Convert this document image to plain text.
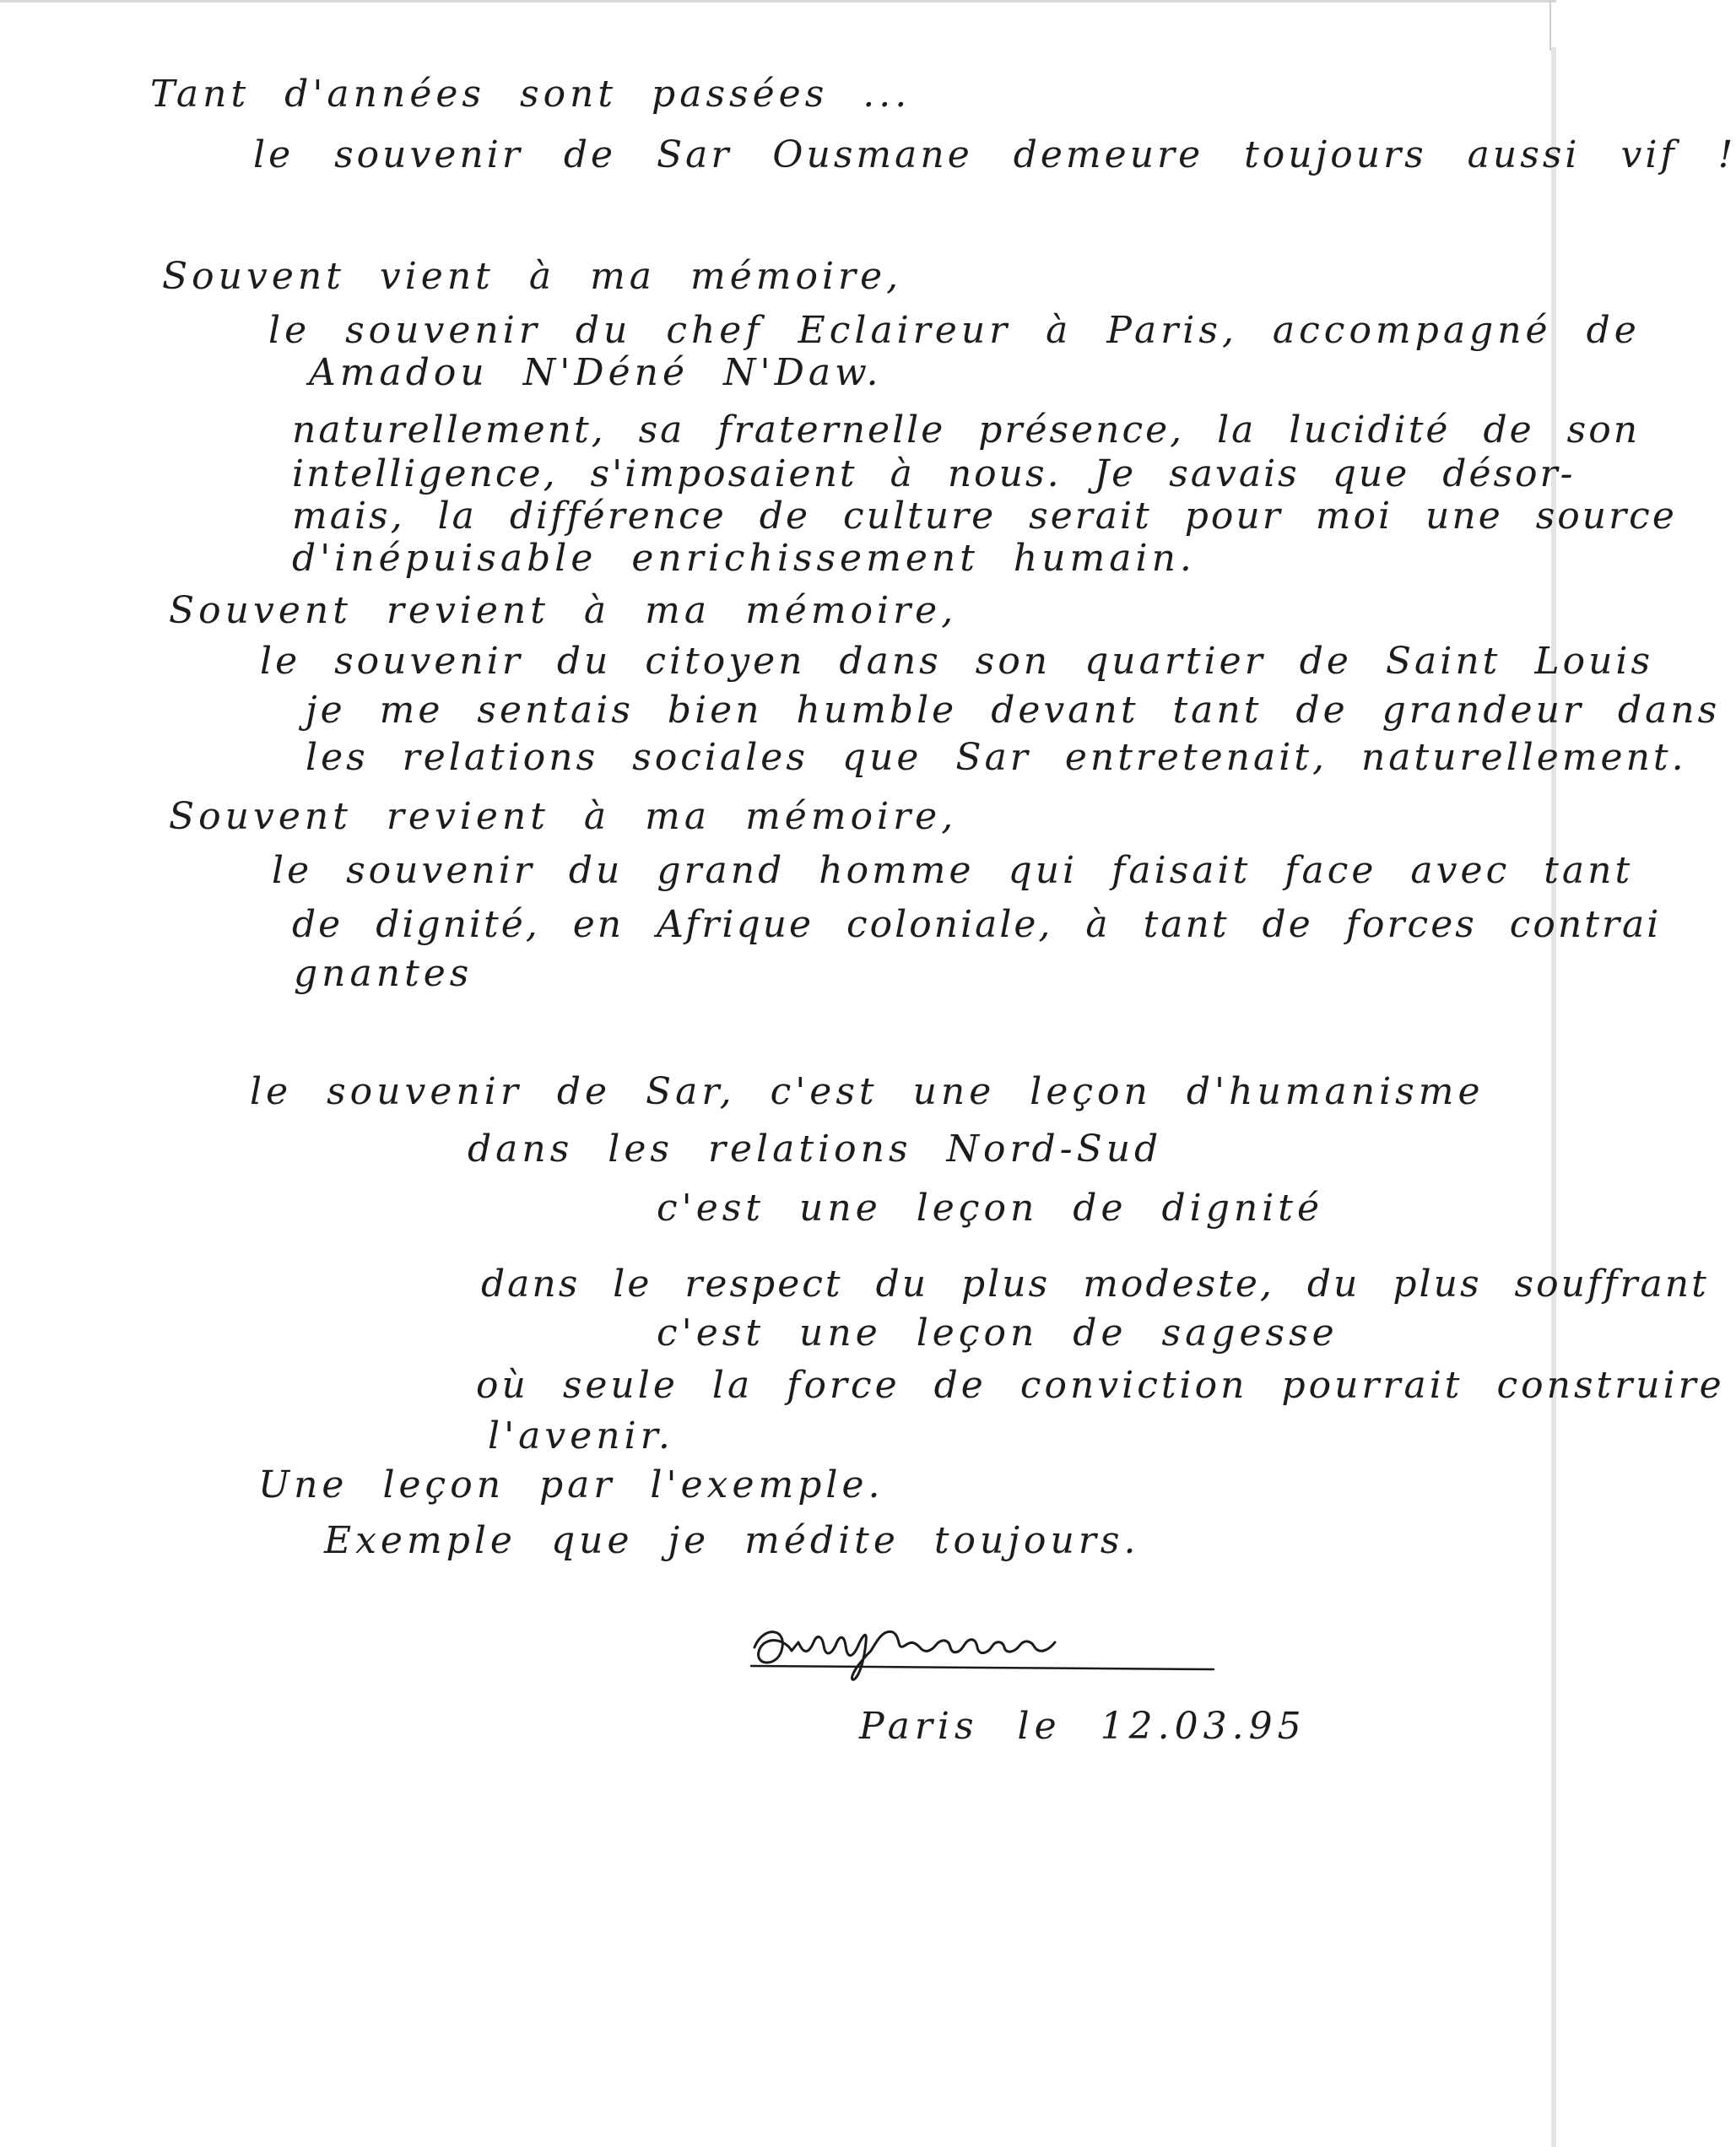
Tant d'années sont passées ...
le souvenir de Sar Ousmane demeure toujours aussi vif !
Souvent vient à ma mémoire,
le souvenir du chef Eclaireur à Paris, accompagné de
Amadou N'Déné N'Daw.
naturellement, sa fraternelle présence, la lucidité de son
intelligence, s'imposaient à nous. Je savais que désor-
mais, la différence de culture serait pour moi une source
d'inépuisable enrichissement humain.
Souvent revient à ma mémoire,
le souvenir du citoyen dans son quartier de Saint Louis
je me sentais bien humble devant tant de grandeur dans
les relations sociales que Sar entretenait, naturellement.
Souvent revient à ma mémoire,
le souvenir du grand homme qui faisait face avec tant
de dignité, en Afrique coloniale, à tant de forces contrai
gnantes
le souvenir de Sar, c'est une leçon d'humanisme
dans les relations Nord-Sud
c'est une leçon de dignité
dans le respect du plus modeste, du plus souffrant
c'est une leçon de sagesse
où seule la force de conviction pourrait construire
l'avenir.
Une leçon par l'exemple.
Exemple que je médite toujours.
Paris le 12.03.95
